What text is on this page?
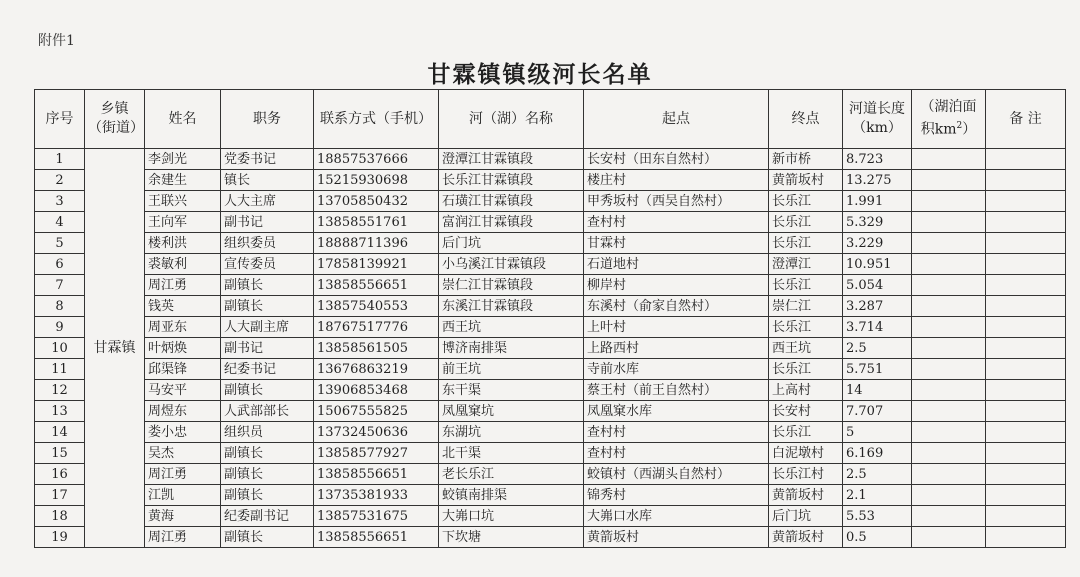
附件1
甘霖镇镇级河长名单
序号	乡镇（街道）	姓名	职务	联系方式（手机）	河（湖）名称	起点	终点	河道长度（km）	（湖泊面积$km^2$）	备 注
1	甘霖镇	李剑光	党委书记	18857537666	澄潭江甘霖镇段	长安村（田东自然村）	新市桥	8.723		
2		余建生	镇长	15215930698	长乐江甘霖镇段	楼庄村	黄箭坂村	13.275		
3		王联兴	人大主席	13705850432	石璜江甘霖镇段	甲秀坂村（西吴自然村）	长乐江	1.991		
4		王向军	副书记	13858551761	富润江甘霖镇段	查村村	长乐江	5.329		
5		楼利洪	组织委员	18888711396	后门坑	甘霖村	长乐江	3.229		
6		裘敏利	宣传委员	17858139921	小乌溪江甘霖镇段	石道地村	澄潭江	10.951		
7		周江勇	副镇长	13858556651	崇仁江甘霖镇段	柳岸村	长乐江	5.054		
8		钱英	副镇长	13857540553	东溪江甘霖镇段	东溪村（俞家自然村）	崇仁江	3.287		
9		周亚东	人大副主席	18767517776	西王坑	上叶村	长乐江	3.714		
10		叶炳焕	副书记	13858561505	博济南排渠	上路西村	西王坑	2.5		
11		邱渠锋	纪委书记	13676863219	前王坑	寺前水库	长乐江	5.751		
12		马安平	副镇长	13906853468	东干渠	蔡王村（前王自然村）	上高村	14		
13		周煜东	人武部部长	15067555825	凤凰窠坑	凤凰窠水库	长安村	7.707		
14		娄小忠	组织员	13732450636	东湖坑	查村村	长乐江	5		
15		吴杰	副镇长	13858577927	北干渠	查村村	白泥墩村	6.169		
16		周江勇	副镇长	13858556651	老长乐江	蛟镇村（西湖头自然村）	长乐江村	2.5		
17		江凯	副镇长	13735381933	蛟镇南排渠	锦秀村	黄箭坂村	2.1		
18		黄海	纪委副书记	13857531675	大岪口坑	大岪口水库	后门坑	5.53		
19		周江勇	副镇长	13858556651	下坎塘	黄箭坂村	黄箭坂村	0.5		
